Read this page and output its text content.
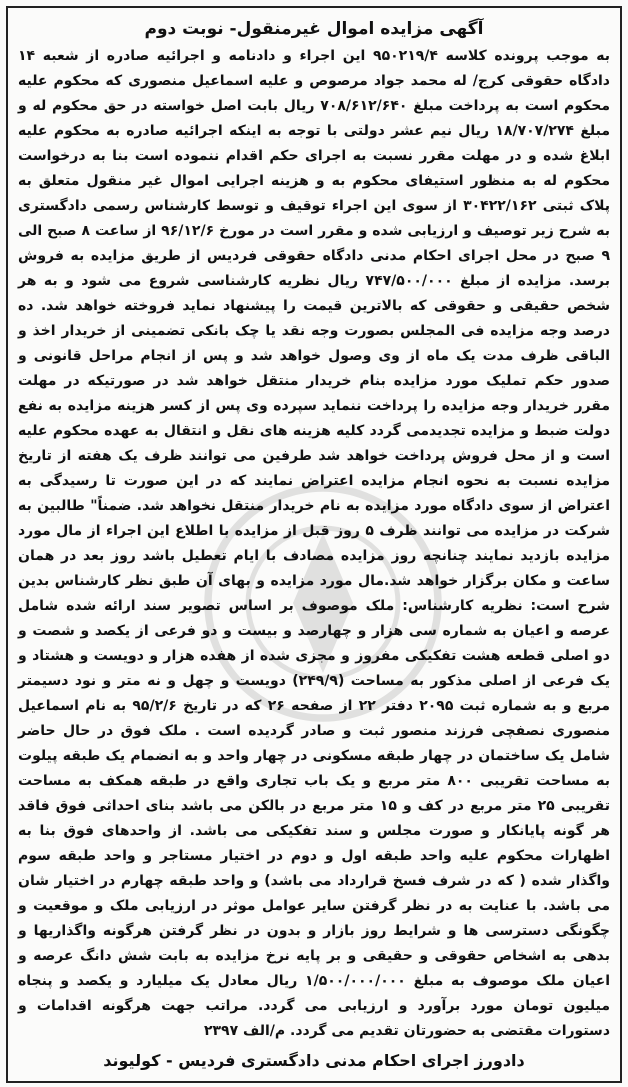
آگهی مزایده اموال غیرمنقول- نوبت دوم

به موجب پرونده کلاسه ۹۵۰۲۱۹/۴ این اجراء و دادنامه و اجرائیه صادره از شعبه ۱۴ دادگاه حقوقی کرج/ له محمد جواد مرصوص و علیه اسماعیل منصوری که محکوم علیه محکوم است به پرداخت مبلغ ۷۰۸/۶۱۲/۶۴۰ ریال بابت اصل خواسته در حق محکوم له و مبلغ ۱۸/۷۰۷/۲۷۴ ریال نیم عشر دولتی با توجه به اینکه اجرائیه صادره به محکوم علیه ابلاغ شده و در مهلت مقرر نسبت به اجرای حکم اقدام ننموده است بنا به درخواست محکوم له به منظور استیفای محکوم به و هزینه اجرایی اموال غیر منقول متعلق به پلاک ثبتی ۳۰۴۲۲/۱۶۲ از سوی این اجراء توقیف و توسط کارشناس رسمی دادگستری به شرح زیر توصیف و ارزیابی شده و مقرر است در مورخ ۹۶/۱۲/۶ از ساعت ۸ صبح الی ۹ صبح در محل اجرای احکام مدنی دادگاه حقوقی فردیس از طریق مزایده به فروش برسد. مزایده از مبلغ ۷۴۷/۵۰۰/۰۰۰ ریال نظریه کارشناسی شروع می شود و به هر شخص حقیقی و حقوقی که بالاترین قیمت را پیشنهاد نماید فروخته خواهد شد. ده درصد وجه مزایده فی المجلس بصورت وجه نقد یا چک بانکی تضمینی از خریدار اخذ و الباقی ظرف مدت یک ماه از وی وصول خواهد شد و پس از انجام مراحل قانونی و صدور حکم تملیک مورد مزایده بنام خریدار منتقل خواهد شد در صورتیکه در مهلت مقرر خریدار وجه مزایده را پرداخت ننماید سپرده وی پس از کسر هزینه مزایده به نفع دولت ضبط و مزایده تجدیدمی گردد کلیه هزینه های نقل و انتقال به عهده محکوم علیه است و از محل فروش پرداخت خواهد شد طرفین می توانند ظرف یک هفته از تاریخ مزایده نسبت به نحوه انجام مزایده اعتراض نمایند که در این صورت تا رسیدگی به اعتراض از سوی دادگاه مورد مزایده به نام خریدار منتقل نخواهد شد. ضمناً" طالبین به شرکت در مزایده می توانند ظرف ۵ روز قبل از مزایده با اطلاع این اجراء از مال مورد مزایده بازدید نمایند چنانچه روز مزایده مصادف با ایام تعطیل باشد روز بعد در همان ساعت و مکان برگزار خواهد شد.مال مورد مزایده و بهای آن طبق نظر کارشناس بدین شرح است: نظریه کارشناس: ملک موصوف بر اساس تصویر سند ارائه شده شامل عرصه و اعیان به شماره سی هزار و چهارصد و بیست و دو فرعی از یکصد و شصت و دو اصلی قطعه هشت تفکیکی مفروز و مجزی شده از هفده هزار و دویست و هشتاد و یک فرعی از اصلی مذکور به مساحت (۲۴۹/۹) دویست و چهل و نه متر و نود دسیمتر مربع و به شماره ثبت ۲۰۹۵ دفتر ۲۲ از صفحه ۲۶ که در تاریخ ۹۵/۲/۶ به نام اسماعیل منصوری نصفچی فرزند منصور ثبت و صادر گردیده است . ملک فوق در حال حاضر شامل یک ساختمان در چهار طبقه مسکونی در چهار واحد و به انضمام یک طبقه پیلوت به مساحت تقریبی ۸۰۰ متر مربع و یک باب تجاری واقع در طبقه همکف به مساحت تقریبی ۲۵ متر مربع در کف و ۱۵ متر مربع در بالکن می باشد بنای احداثی فوق فاقد هر گونه پایانکار و صورت مجلس و سند تفکیکی می باشد. از واحدهای فوق بنا به اظهارات محکوم علیه واحد طبقه اول و دوم در اختیار مستاجر و واحد طبقه سوم واگذار شده ( که در شرف فسخ قرارداد می باشد) و واحد طبقه چهارم در اختیار شان می باشد. با عنایت به در نظر گرفتن سایر عوامل موثر در ارزیابی ملک و موقعیت و چگونگی دسترسی ها و شرایط روز بازار و بدون در نظر گرفتن هرگونه واگذاریها و بدهی به اشخاص حقوقی و حقیقی و بر پایه نرخ مزایده به بابت شش دانگ عرصه و اعیان ملک موصوف به مبلغ ۱/۵۰۰/۰۰۰/۰۰۰ ریال معادل یک میلیارد و یکصد و پنجاه میلیون تومان مورد برآورد و ارزیابی می گردد. مراتب جهت هرگونه اقدامات و دستورات مقتضی به حضورتان تقدیم می گردد. م/الف ۲۳۹۷

دادورز اجرای احکام مدنی دادگستری فردیس - کولیوند
